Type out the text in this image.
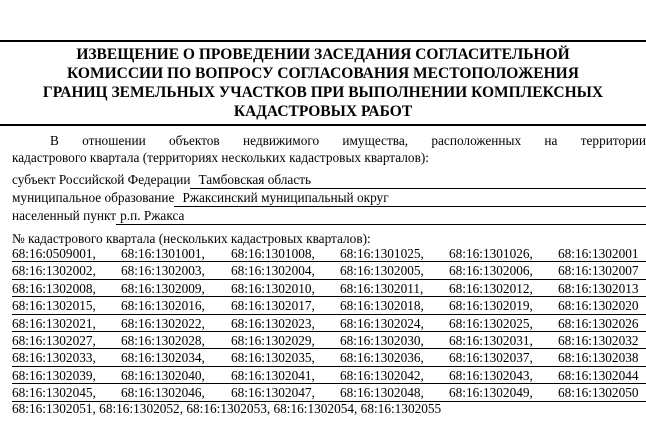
ИЗВЕЩЕНИЕ О ПРОВЕДЕНИИ ЗАСЕДАНИЯ СОГЛАСИТЕЛЬНОЙ
КОМИССИИ ПО ВОПРОСУ СОГЛАСОВАНИЯ МЕСТОПОЛОЖЕНИЯ
ГРАНИЦ ЗЕМЕЛЬНЫХ УЧАСТКОВ ПРИ ВЫПОЛНЕНИИ КОМПЛЕКСНЫХ
КАДАСТРОВЫХ РАБОТ
В отношении объектов недвижимого имущества, расположенных на территории
кадастрового квартала (территориях нескольких кадастровых кварталов):
субъект Российской Федерации Тамбовская область
муниципальное образование Ржаксинский муниципальный округ
населенный пункт р.п. Ржакса
№ кадастрового квартала (нескольких кадастровых кварталов):
68:16:0509001, 68:16:1301001, 68:16:1301008, 68:16:1301025, 68:16:1301026, 68:16:1302001
68:16:1302002, 68:16:1302003, 68:16:1302004, 68:16:1302005, 68:16:1302006, 68:16:1302007
68:16:1302008, 68:16:1302009, 68:16:1302010, 68:16:1302011, 68:16:1302012, 68:16:1302013
68:16:1302015, 68:16:1302016, 68:16:1302017, 68:16:1302018, 68:16:1302019, 68:16:1302020
68:16:1302021, 68:16:1302022, 68:16:1302023, 68:16:1302024, 68:16:1302025, 68:16:1302026
68:16:1302027, 68:16:1302028, 68:16:1302029, 68:16:1302030, 68:16:1302031, 68:16:1302032
68:16:1302033, 68:16:1302034, 68:16:1302035, 68:16:1302036, 68:16:1302037, 68:16:1302038
68:16:1302039, 68:16:1302040, 68:16:1302041, 68:16:1302042, 68:16:1302043, 68:16:1302044
68:16:1302045, 68:16:1302046, 68:16:1302047, 68:16:1302048, 68:16:1302049, 68:16:1302050
68:16:1302051, 68:16:1302052, 68:16:1302053, 68:16:1302054, 68:16:1302055
